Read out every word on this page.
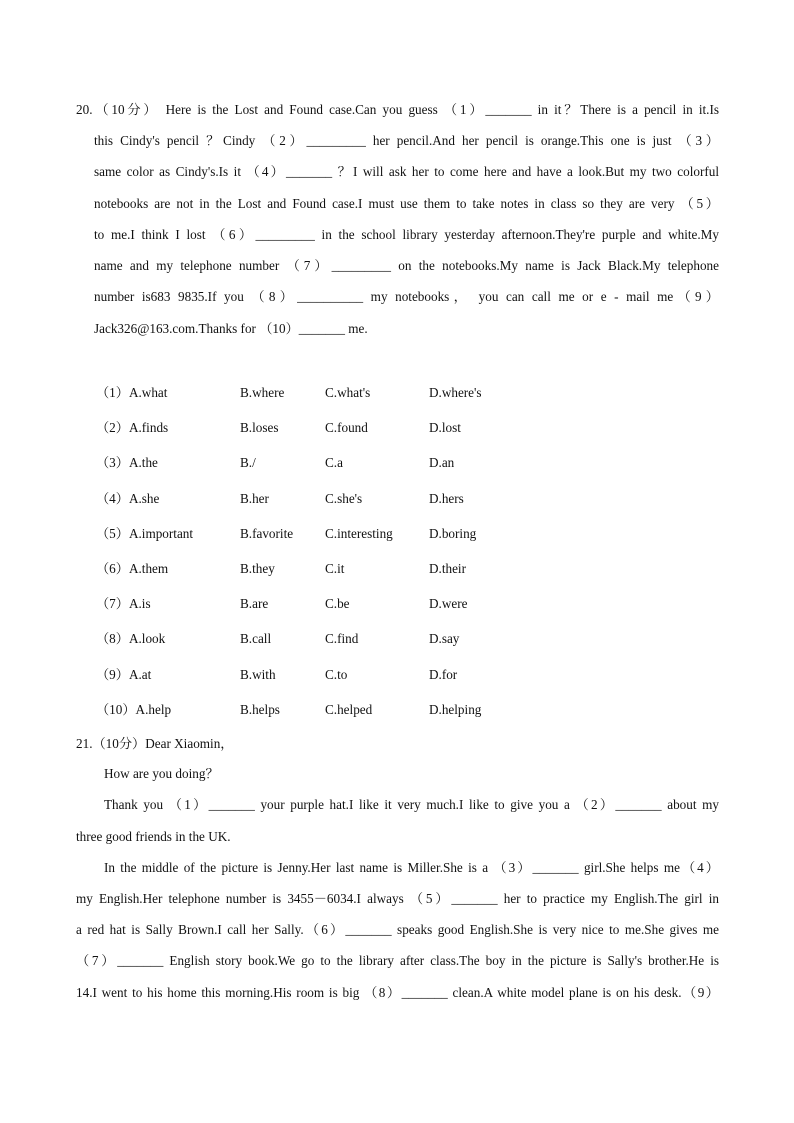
20.（10分） Here is the Lost and Found case.Can you guess （1）_______ in it？There is a pencil in it.Is
this Cindy's pencil ？Cindy （2）_________ her pencil.And her pencil is orange.This one is just （3）
same color as Cindy's.Is it （4）_______ ？I will ask her to come here and have a look.But my two colorful
notebooks are not in the Lost and Found case.I must use them to take notes in class so they are very （5）
to me.I think I lost （6）_________ in the school library yesterday afternoon.They're purple and white.My
name and my telephone number （7）_________ on the notebooks.My name is Jack Black.My telephone
number is683 9835.If you （8）__________ my notebooks， you can call me or e - mail me（9）
Jack326@163.com.Thanks for （10）_______ me.
（1）A.what	B.where	C.what's	D.where's
（2）A.finds	B.loses	C.found	D.lost
（3）A.the	B./	C.a	D.an
（4）A.she	B.her	C.she's	D.hers
（5）A.important	B.favorite C.interesting	D.boring
（6）A.them	B.they	C.it	D.their
（7）A.is	B.are	C.be	D.were
（8）A.look	B.call	C.find	D.say
（9）A.at	B.with	C.to	D.for
（10）A.help	B.helps	C.helped	D.helping
21.（10分）Dear Xiaomin，
How are you doing？
Thank you （1）_______ your purple hat.I like it very much.I like to give you a （2）_______ about my
three good friends in the UK.
In the middle of the picture is Jenny.Her last name is Miller.She is a （3）_______ girl.She helps me（4）
my English.Her telephone number is 3455－6034.I always （5）_______ her to practice my English.The girl in
a red hat is Sally Brown.I call her Sally.（6）_______ speaks good English.She is very nice to me.She gives me
（7）_______ English story book.We go to the library after class.The boy in the picture is Sally's brother.He is
14.I went to his home this morning.His room is big （8）_______ clean.A white model plane is on his desk.（9）
